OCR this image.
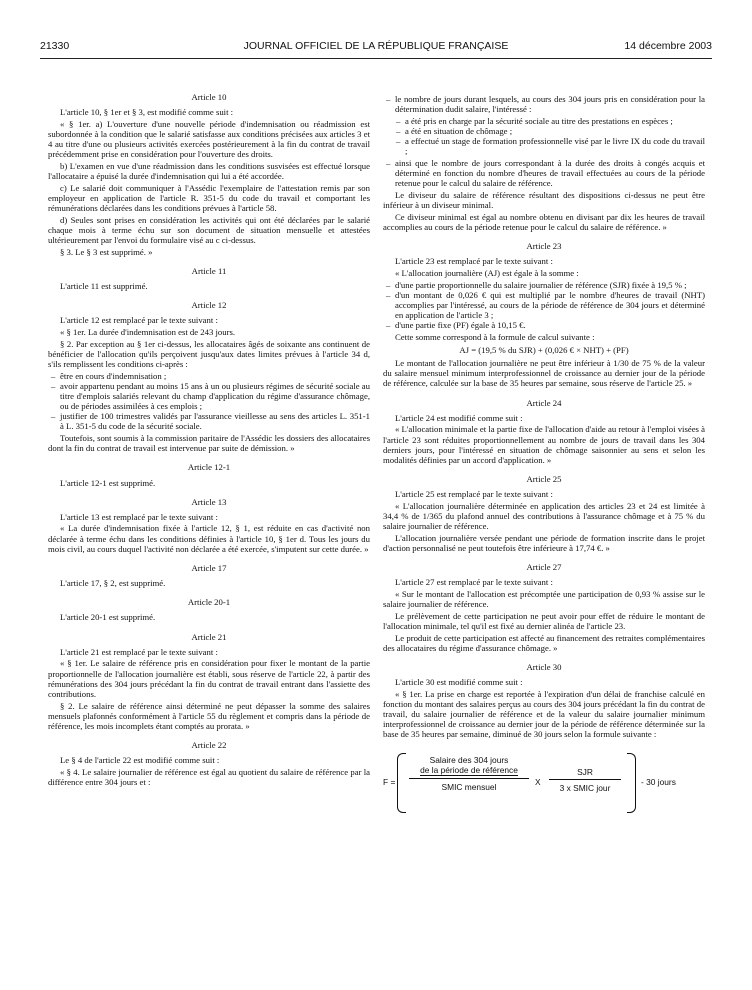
21330	JOURNAL OFFICIEL DE LA RÉPUBLIQUE FRANÇAISE	14 décembre 2003

Article 10

L'article 10, § 1er et § 3, est modifié comme suit :

« § 1er. a) L'ouverture d'une nouvelle période d'indemnisation ou réadmission est subordonnée à la condition que le salarié satisfasse aux conditions précisées aux articles 3 et 4 au titre d'une ou plusieurs activités exercées postérieurement à la fin du contrat de travail précédemment prise en considération pour l'ouverture des droits.

b) L'examen en vue d'une réadmission dans les conditions susvisées est effectué lorsque l'allocataire a épuisé la durée d'indemnisation qui lui a été accordée.

c) Le salarié doit communiquer à l'Assédic l'exemplaire de l'attestation remis par son employeur en application de l'article R. 351-5 du code du travail et comportant les rémunérations déclarées dans les conditions prévues à l'article 58.

d) Seules sont prises en considération les activités qui ont été déclarées par le salarié chaque mois à terme échu sur son document de situation mensuelle et attestées ultérieurement par l'envoi du formulaire visé au c ci-dessus.

§ 3. Le § 3 est supprimé. »

Article 11

L'article 11 est supprimé.

Article 12

L'article 12 est remplacé par le texte suivant :

« § 1er. La durée d'indemnisation est de 243 jours.

§ 2. Par exception au § 1er ci-dessus, les allocataires âgés de soixante ans continuent de bénéficier de l'allocation qu'ils perçoivent jusqu'aux dates limites prévues à l'article 34 d, s'ils remplissent les conditions ci-après :

– être en cours d'indemnisation ;
– avoir appartenu pendant au moins 15 ans à un ou plusieurs régimes de sécurité sociale au titre d'emplois salariés relevant du champ d'application du régime d'assurance chômage, ou de périodes assimilées à ces emplois ;
– justifier de 100 trimestres validés par l'assurance vieillesse au sens des articles L. 351-1 à L. 351-5 du code de la sécurité sociale.

Toutefois, sont soumis à la commission paritaire de l'Assédic les dossiers des allocataires dont la fin du contrat de travail est intervenue par suite de démission. »

Article 12-1

L'article 12-1 est supprimé.

Article 13

L'article 13 est remplacé par le texte suivant :

« La durée d'indemnisation fixée à l'article 12, § 1, est réduite en cas d'activité non déclarée à terme échu dans les conditions définies à l'article 10, § 1er d. Tous les jours du mois civil, au cours duquel l'activité non déclarée a été exercée, s'imputent sur cette durée. »

Article 17

L'article 17, § 2, est supprimé.

Article 20-1

L'article 20-1 est supprimé.

Article 21

L'article 21 est remplacé par le texte suivant :

« § 1er. Le salaire de référence pris en considération pour fixer le montant de la partie proportionnelle de l'allocation journalière est établi, sous réserve de l'article 22, à partir des rémunérations des 304 jours précédant la fin du contrat de travail entrant dans l'assiette des contributions.

§ 2. Le salaire de référence ainsi déterminé ne peut dépasser la somme des salaires mensuels plafonnés conformément à l'article 55 du règlement et compris dans la période de référence, les mois incomplets étant comptés au prorata. »

Article 22

Le § 4 de l'article 22 est modifié comme suit :

« § 4. Le salaire journalier de référence est égal au quotient du salaire de référence par la différence entre 304 jours et :

– le nombre de jours durant lesquels, au cours des 304 jours pris en considération pour la détermination dudit salaire, l'intéressé :
– a été pris en charge par la sécurité sociale au titre des prestations en espèces ;
– a été en situation de chômage ;
– a effectué un stage de formation professionnelle visé par le livre IX du code du travail ;
– ainsi que le nombre de jours correspondant à la durée des droits à congés acquis et déterminé en fonction du nombre d'heures de travail effectuées au cours de la période retenue pour le calcul du salaire de référence.

Le diviseur du salaire de référence résultant des dispositions ci-dessus ne peut être inférieur à un diviseur minimal.

Ce diviseur minimal est égal au nombre obtenu en divisant par dix les heures de travail accomplies au cours de la période retenue pour le calcul du salaire de référence. »

Article 23

L'article 23 est remplacé par le texte suivant :

« L'allocation journalière (AJ) est égale à la somme :

– d'une partie proportionnelle du salaire journalier de référence (SJR) fixée à 19,5 % ;
– d'un montant de 0,026 € qui est multiplié par le nombre d'heures de travail (NHT) accomplies par l'intéressé, au cours de la période de référence de 304 jours et déterminé en application de l'article 3 ;
– d'une partie fixe (PF) égale à 10,15 €.

Cette somme correspond à la formule de calcul suivante :

AJ = (19,5 % du SJR) + (0,026 € × NHT) + (PF)

Le montant de l'allocation journalière ne peut être inférieur à 1/30 de 75 % de la valeur du salaire mensuel minimum interprofessionnel de croissance au dernier jour de la période de référence, calculée sur la base de 35 heures par semaine, sous réserve de l'article 25. »

Article 24

L'article 24 est modifié comme suit :

« L'allocation minimale et la partie fixe de l'allocation d'aide au retour à l'emploi visées à l'article 23 sont réduites proportionnellement au nombre de jours de travail dans les 304 derniers jours, pour l'intéressé en situation de chômage saisonnier au sens et selon les modalités définies par un accord d'application. »

Article 25

L'article 25 est remplacé par le texte suivant :

« L'allocation journalière déterminée en application des articles 23 et 24 est limitée à 34,4 % de 1/365 du plafond annuel des contributions à l'assurance chômage et à 75 % du salaire journalier de référence.

L'allocation journalière versée pendant une période de formation inscrite dans le projet d'action personnalisé ne peut toutefois être inférieure à 17,74 €. »

Article 27

L'article 27 est remplacé par le texte suivant :

« Sur le montant de l'allocation est précomptée une participation de 0,93 % assise sur le salaire journalier de référence.

Le prélèvement de cette participation ne peut avoir pour effet de réduire le montant de l'allocation minimale, tel qu'il est fixé au dernier alinéa de l'article 23.

Le produit de cette participation est affecté au financement des retraites complémentaires des allocataires du régime d'assurance chômage. »

Article 30

L'article 30 est modifié comme suit :

« § 1er. La prise en charge est reportée à l'expiration d'un délai de franchise calculé en fonction du montant des salaires perçus au cours des 304 jours précédant la fin du contrat de travail, du salaire journalier de référence et de la valeur du salaire journalier minimum interprofessionnel de croissance au dernier jour de la période de référence déterminée sur la base de 35 heures par semaine, diminué de 30 jours selon la formule suivante :

F =
Salaire des 304 jours
de la période de référence
SMIC mensuel	X
SJR
3 x SMIC jour
- 30 jours
